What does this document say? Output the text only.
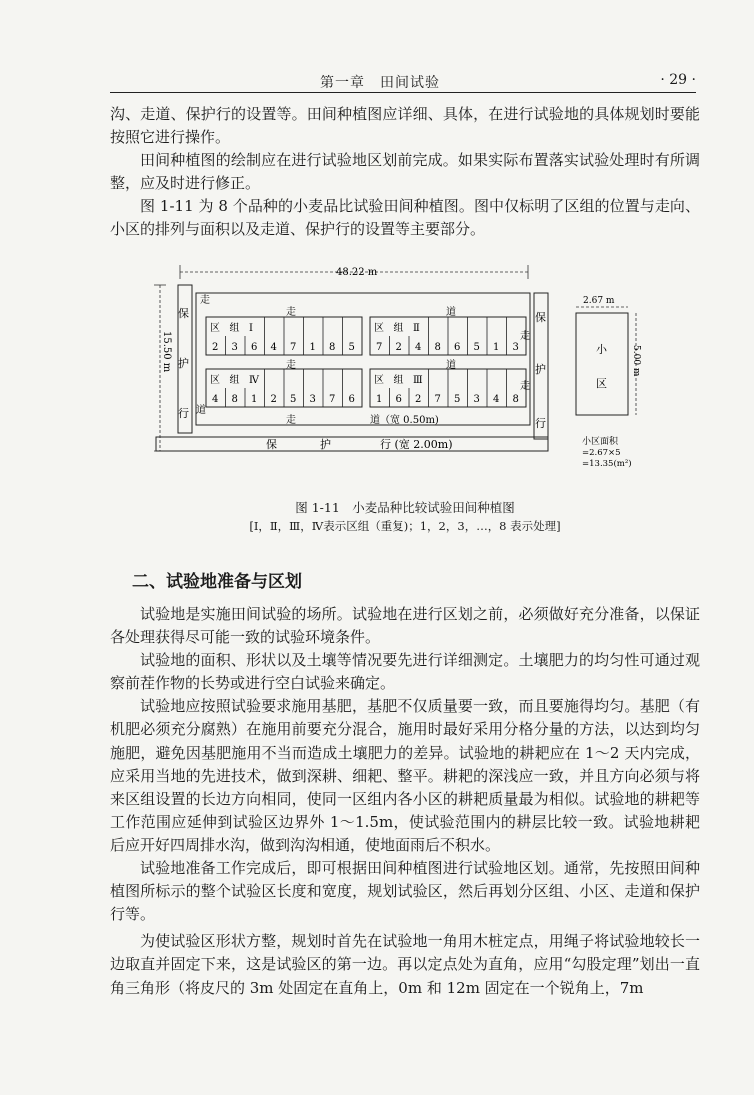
第一章　田间试验	· 29 ·

沟、走道、保护行的设置等。田间种植图应详细、具体，在进行试验地的具体规划时要能按照它进行操作。

田间种植图的绘制应在进行试验地区划前完成。如果实际布置落实试验处理时有所调整，应及时进行修正。

图 1-11 为 8 个品种的小麦品比试验田间种植图。图中仅标明了区组的位置与走向、小区的排列与面积以及走道、保护行的设置等主要部分。

48.22 m
15.50 m
保
护
行
保
护
行
保	护	行 (宽 2.00m)
走
走	道
走	道
道
走	道（宽 0.50m)
走
走
区 组 Ⅰ
2 3 6 4 7 1 8 5
区 组 Ⅱ
7 2 4 8 6 5 1 3
区 组 Ⅳ
4 8 1 2 5 3 7 6
区 组 Ⅲ
1 6 2 7 5 3 4 8
2.67 m
小
区
5.00 m
小区面积
=2.67×5
=13.35(m²)
图 1-11　小麦品种比较试验田间种植图
[Ⅰ，Ⅱ，Ⅲ，Ⅳ表示区组（重复)；1，2，3，…，8 表示处理]
二、试验地准备与区划

试验地是实施田间试验的场所。试验地在进行区划之前，必须做好充分准备，以保证各处理获得尽可能一致的试验环境条件。

试验地的面积、形状以及土壤等情况要先进行详细测定。土壤肥力的均匀性可通过观察前茬作物的长势或进行空白试验来确定。

试验地应按照试验要求施用基肥，基肥不仅质量要一致，而且要施得均匀。基肥（有机肥必须充分腐熟）在施用前要充分混合，施用时最好采用分格分量的方法，以达到均匀施肥，避免因基肥施用不当而造成土壤肥力的差异。试验地的耕耙应在 1～2 天内完成，应采用当地的先进技术，做到深耕、细耙、整平。耕耙的深浅应一致，并且方向必须与将来区组设置的长边方向相同，使同一区组内各小区的耕耙质量最为相似。试验地的耕耙等工作范围应延伸到试验区边界外 1～1.5m，使试验范围内的耕层比较一致。试验地耕耙后应开好四周排水沟，做到沟沟相通，使地面雨后不积水。

试验地准备工作完成后，即可根据田间种植图进行试验地区划。通常，先按照田间种植图所标示的整个试验区长度和宽度，规划试验区，然后再划分区组、小区、走道和保护行等。

为使试验区形状方整，规划时首先在试验地一角用木桩定点，用绳子将试验地较长一边取直并固定下来，这是试验区的第一边。再以定点处为直角，应用“勾股定理”划出一直角三角形（将皮尺的 3m 处固定在直角上，0m 和 12m 固定在一个锐角上，7m
